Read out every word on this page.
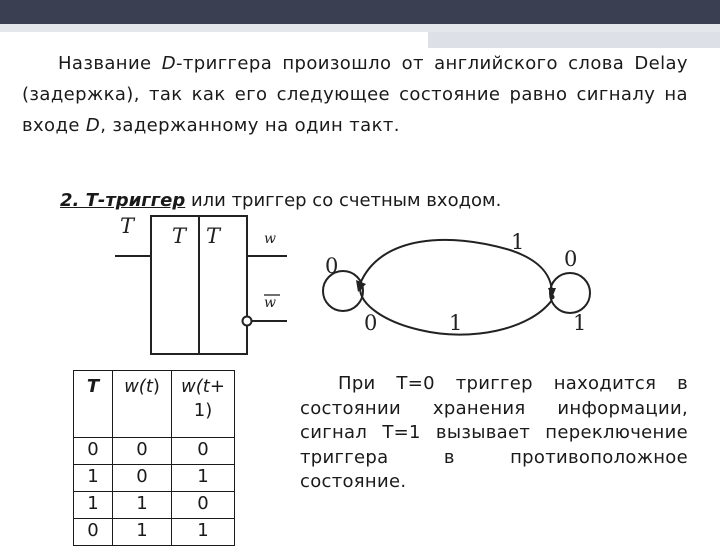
Название D-триггера произошло от английского слова Delay (задержка), так как его следующее состояние равно сигналу на входе D, задержанному на один такт.

2. Т-триггер или триггер со счетным входом.
T T T	w
w
0
1
0
0	1	1
T	w(t)	w(t+ 1)
0	0	0
1	0	1
1	1	0
0	1	1

При Т=0 триггер находится в состоянии хранения информации, сигнал Т=1 вызывает переключение триггера в противоположное состояние.
